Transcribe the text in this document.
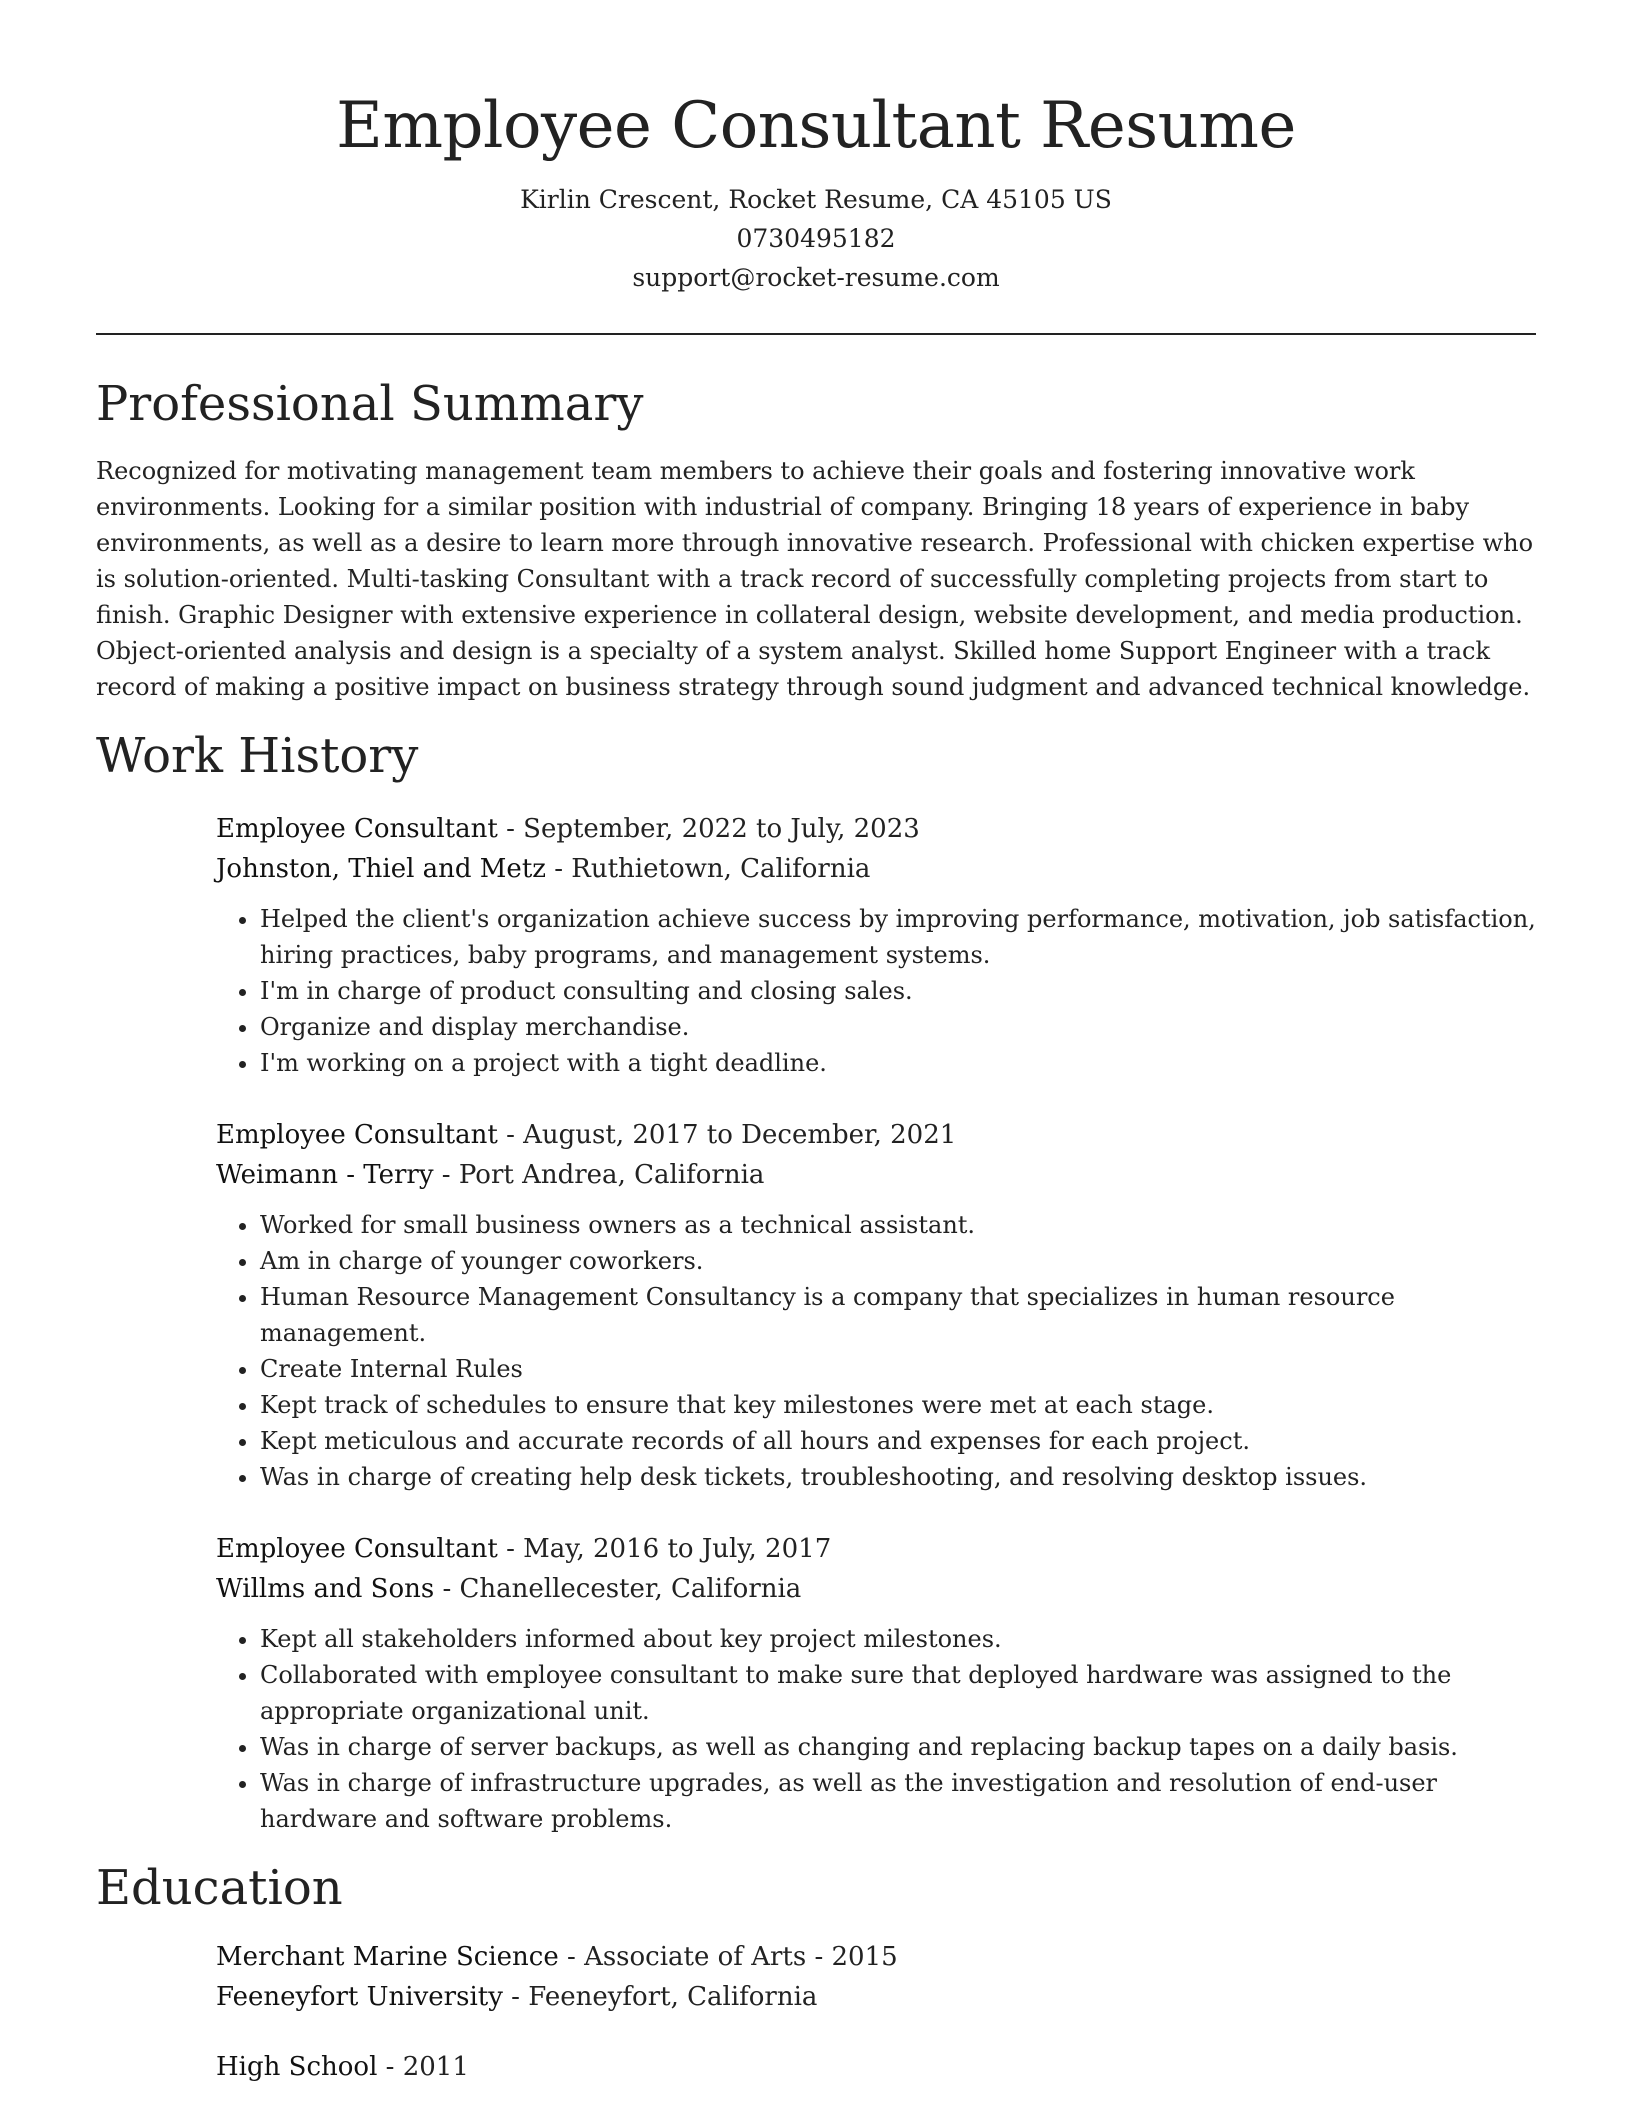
Employee Consultant Resume
Kirlin Crescent, Rocket Resume, CA 45105 US
0730495182
support@rocket-resume.com
Professional Summary

Recognized for motivating management team members to achieve their goals and fostering innovative work environments. Looking for a similar position with industrial of company. Bringing 18 years of experience in baby environments, as well as a desire to learn more through innovative research. Professional with chicken expertise who is solution-oriented. Multi-tasking Consultant with a track record of successfully completing projects from start to finish. Graphic Designer with extensive experience in collateral design, website development, and media production. Object-oriented analysis and design is a specialty of a system analyst. Skilled home Support Engineer with a track record of making a positive impact on business strategy through sound judgment and advanced technical knowledge.

Work History
Employee Consultant - September, 2022 to July, 2023
Johnston, Thiel and Metz - Ruthietown, California
• Helped the client's organization achieve success by improving performance, motivation, job satisfaction, hiring practices, baby programs, and management systems.
• I'm in charge of product consulting and closing sales.
• Organize and display merchandise.
• I'm working on a project with a tight deadline.
Employee Consultant - August, 2017 to December, 2021
Weimann - Terry - Port Andrea, California
• Worked for small business owners as a technical assistant.
• Am in charge of younger coworkers.
• Human Resource Management Consultancy is a company that specializes in human resource management.
• Create Internal Rules
• Kept track of schedules to ensure that key milestones were met at each stage.
• Kept meticulous and accurate records of all hours and expenses for each project.
• Was in charge of creating help desk tickets, troubleshooting, and resolving desktop issues.
Employee Consultant - May, 2016 to July, 2017
Willms and Sons - Chanellecester, California
• Kept all stakeholders informed about key project milestones.
• Collaborated with employee consultant to make sure that deployed hardware was assigned to the appropriate organizational unit.
• Was in charge of server backups, as well as changing and replacing backup tapes on a daily basis.
• Was in charge of infrastructure upgrades, as well as the investigation and resolution of end-user hardware and software problems.
Education
Merchant Marine Science - Associate of Arts - 2015
Feeneyfort University - Feeneyfort, California
High School - 2011
